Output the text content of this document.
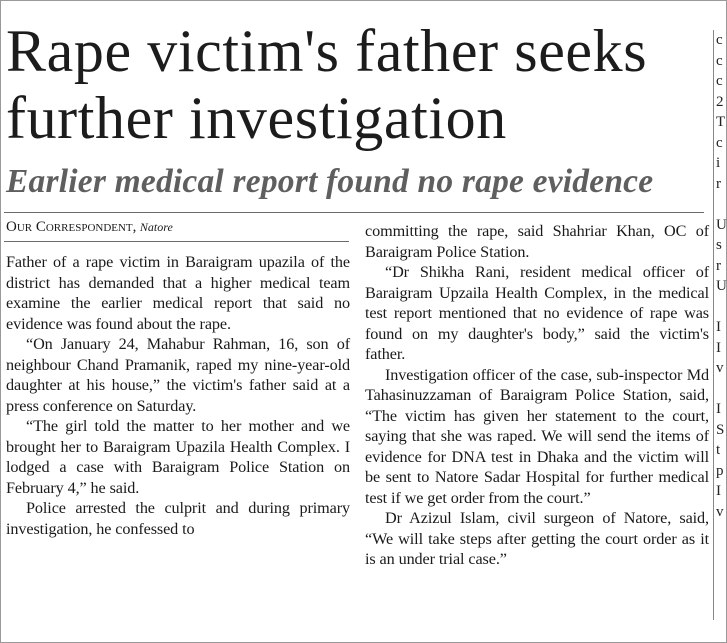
Rape victim's father seeks further investigation
Earlier medical report found no rape evidence
Our Correspondent, Natore

Father of a rape victim in Baraigram upazila of the district has demanded that a higher medical team examine the earlier medical report that said no evidence was found about the rape.

“On January 24, Mahabur Rahman, 16, son of neighbour Chand Pramanik, raped my nine-year-old daughter at his house,” the victim's father said at a press conference on Saturday.

“The girl told the matter to her mother and we brought her to Baraigram Upazila Health Complex. I lodged a case with Baraigram Police Station on February 4,” he said.

Police arrested the culprit and during primary investigation, he confessed to

committing the rape, said Shahriar Khan, OC of Baraigram Police Station.

“Dr Shikha Rani, resident medical officer of Baraigram Upzaila Health Complex, in the medical test report mentioned that no evidence of rape was found on my daughter's body,” said the victim's father.

Investigation officer of the case, sub-inspector Md Tahasinuzzaman of Baraigram Police Station, said, “The victim has given her statement to the court, saying that she was raped. We will send the items of evidence for DNA test in Dhaka and the victim will be sent to Natore Sadar Hospital for further medical test if we get order from the court.”

Dr Azizul Islam, civil surgeon of Natore, said, “We will take steps after getting the court order as it is an under trial case.”

c
c
c
2
T
c
i
r
U
s
r
U
I
I
v
I
S
t
p
I
v
